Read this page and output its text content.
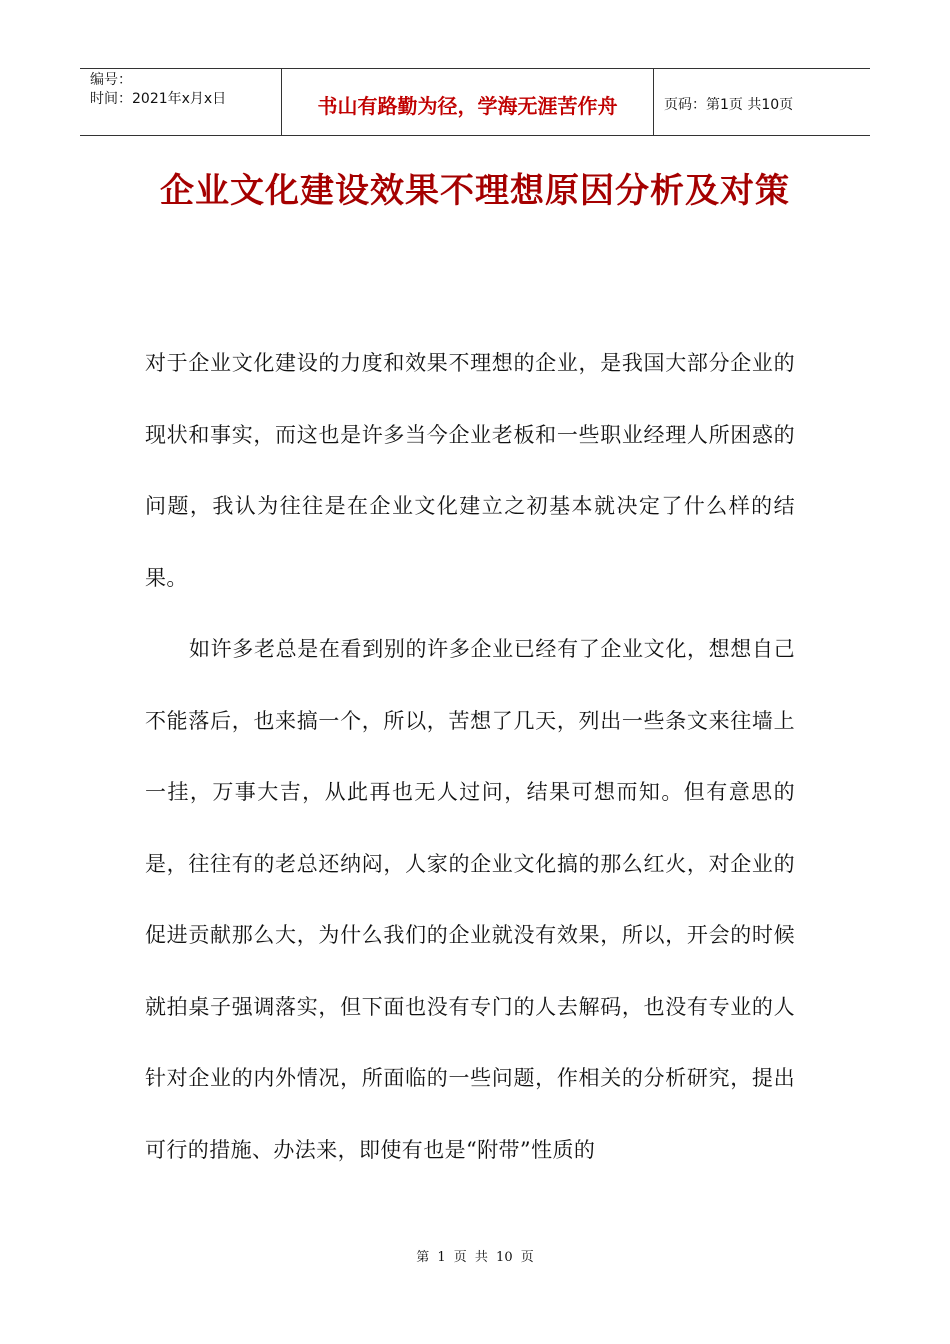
编号：
时间：2021年x月x日	书山有路勤为径，学海无涯苦作舟	页码：第1页 共10页
企业文化建设效果不理想原因分析及对策

对于企业文化建设的力度和效果不理想的企业，是我国大部分企业的现状和事实，而这也是许多当今企业老板和一些职业经理人所困惑的问题，我认为往往是在企业文化建立之初基本就决定了什么样的结果。

如许多老总是在看到别的许多企业已经有了企业文化，想想自己不能落后，也来搞一个，所以，苦想了几天，列出一些条文来往墙上一挂，万事大吉，从此再也无人过问，结果可想而知。但有意思的是，往往有的老总还纳闷，人家的企业文化搞的那么红火，对企业的促进贡献那么大，为什么我们的企业就没有效果，所以，开会的时候就拍桌子强调落实，但下面也没有专门的人去解码，也没有专业的人针对企业的内外情况，所面临的一些问题，作相关的分析研究，提出可行的措施、办法来，即使有也是“附带”性质的

第 1 页 共 10 页
